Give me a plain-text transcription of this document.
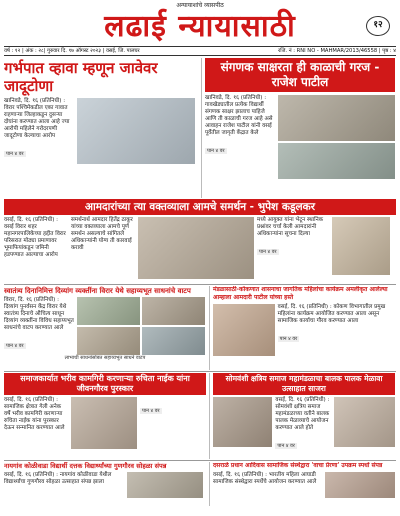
अन्यायाशांचे व्यासपीठ
लढाई न्यायासाठी	१२
वर्ष : १२ | अंक : २८| गुरुवार दि. १७ ऑगस्ट २०२३ | वसई, जि. पालघर	रजि. नं : RNI NO - MAHMAR/2013/46558 | पृष्ठ : ४
गर्भपात व्हावा म्हणून जावेवर जादूटोणा
खानिवडे, दि. १६ (प्रतिनिधी) : विरार पश्चिमेकडील एका गावात राहणाऱ्या जिल्हाकडून दुसऱ्या दोघांना करण्यात आला आहे ज्या आरोपी महिलेने गरोदरपणी जादूटोणा केल्याचा आरोप
पान ४ वर
संगणक साक्षरता ही काळाची गरज - राजेश पाटील
खानिवडे, दि. १६ (प्रतिनिधी) : गावखेड्यातील प्रत्येक विद्यार्थी संगणक साक्षर झालाच पाहिजे आणि ती काळाची गरज आहे असे आवाहन राजेश पाटील यांनी वसई पूर्वेतील जागृती केंद्रात केले
पान ४ वर
आमदारांच्या त्या वक्तव्याला आमचे समर्थन - भुपेश कडूलकर
वसई, दि. १६ (प्रतिनिधी) : वसई विरार शहर महानगरपालिकेच्या हद्दीत विरार परिसरात मोठ्या प्रमाणावर भूमाफियांकडून जमिनी हडपण्यात आल्याचा आरोप
समर्थनार्थ आमदार हितेंद्र ठाकूर यांच्या वक्तव्याला आमचे पूर्ण समर्थन असल्याचे सांगितले अधिकाऱ्यांनी योग्य ती कारवाई करावी
मध्ये आयुक्त यांना भेटून स्थानिक प्रश्नांवर चर्चा केली आमदारांनी अधिकाऱ्यांना सूचना दिल्या
पान ४ वर
स्वातंत्र्य दिनानिमित्त दिव्यांग व्यक्तींना विरार येथे सहाय्यभूत साधनांचे वाटप
विरार, दि. १६ (प्रतिनिधी) : दिव्यांग पुनर्वसन केंद्र विरार येथे स्वातंत्र्य दिनाचे औचित्य साधून दिव्यांग व्यक्तींना विविध सहाय्यभूत साधनांचे वाटप करण्यात आले
पान ४ वर
लाभार्थी साधनांसोबत सहाय्यभूत साधने वाटप
मंडळासाठी-कोकणात शासनाचा जागतिक महिलांचा कार्यक्रम अमलीकृत आलेल्या आम्हाला आमदारी पाटील यांच्या हस्ते
वसई, दि. १६ (प्रतिनिधी) : कोकण विभागातील प्रमुख महिलांना कार्यक्रम आयोजित करण्यात आला असून सामाजिक कार्याचा गौरव करण्यात आला
पान ४ वर
समाजकार्यात भरीव कामगिरी करणाऱ्या रुचिता नाईक यांना जीवनगौरव पुरस्कार
वसई, दि. १६ (प्रतिनिधी) : सामाजिक क्षेत्रात गेली अनेक वर्षे भरीव कामगिरी करणाऱ्या रुचिता नाईक यांना पुरस्कार देऊन सन्मानित करण्यात आले
पान ४ वर
सोमवंशी क्षत्रिय समाज महामंडळाचा बालक पालक मेळावा उत्साहात साजरा
वसई, दि. १६ (प्रतिनिधी) : सोमवंशी क्षत्रिय समाज महामंडळाच्या वतीने बालक पालक मेळाव्याचे आयोजन करण्यात आले होते
पान ४ वर
नायगांव कोळीवाडा विद्यार्थी दत्तक विद्यार्थ्यांच्या गुणगौरव सोहळा संपन्न
वसई, दि. १६ (प्रतिनिधी) : नायगांव कोळीवाडा येथील विद्यार्थ्यांचा गुणगौरव सोहळा उत्साहात संपन्न झाला
दसराळे प्रधान आदिवास सामाजिक संस्थेद्वारा 'वाचा प्रेरणा' उपक्रम स्पर्धा संपन्न
वसई, दि. १६ (प्रतिनिधी) : भारतीय महिला आघाडी सामाजिक संस्थेद्वारा स्पर्धेचे आयोजन करण्यात आले
